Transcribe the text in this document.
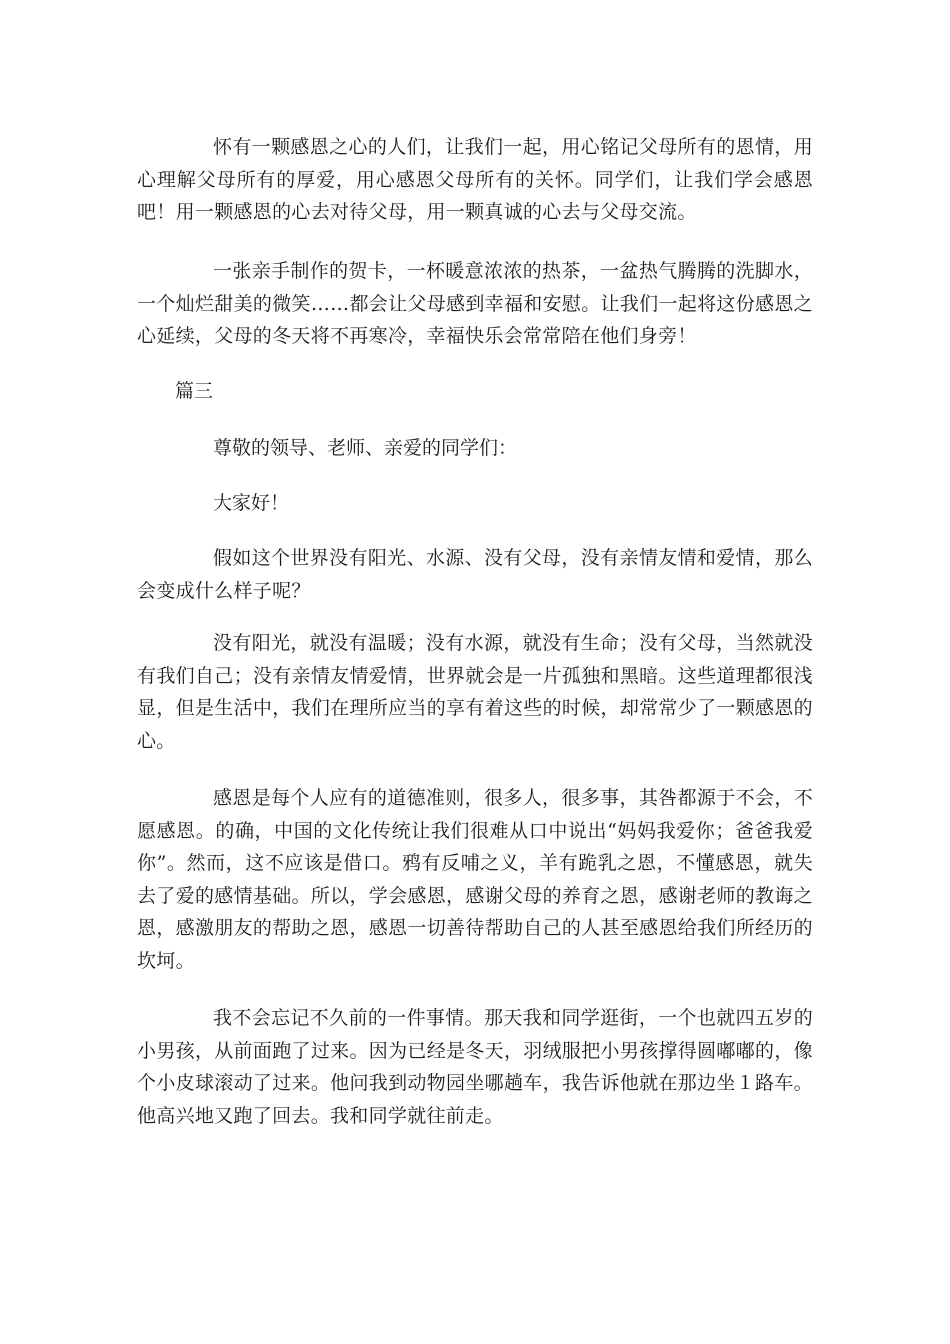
怀有一颗感恩之心的人们，让我们一起，用心铭记父母所有的恩情，用心理解父母所有的厚爱，用心感恩父母所有的关怀。同学们，让我们学会感恩吧！用一颗感恩的心去对待父母，用一颗真诚的心去与父母交流。

一张亲手制作的贺卡，一杯暖意浓浓的热茶，一盆热气腾腾的洗脚水，一个灿烂甜美的微笑……都会让父母感到幸福和安慰。让我们一起将这份感恩之心延续，父母的冬天将不再寒冷，幸福快乐会常常陪在他们身旁！

篇三

尊敬的领导、老师、亲爱的同学们：

大家好！

假如这个世界没有阳光、水源、没有父母，没有亲情友情和爱情，那么会变成什么样子呢？

没有阳光，就没有温暖；没有水源，就没有生命；没有父母，当然就没有我们自己；没有亲情友情爱情，世界就会是一片孤独和黑暗。这些道理都很浅显，但是生活中，我们在理所应当的享有着这些的时候，却常常少了一颗感恩的心。

感恩是每个人应有的道德准则，很多人，很多事，其咎都源于不会，不愿感恩。的确，中国的文化传统让我们很难从口中说出“妈妈我爱你；爸爸我爱你”。然而，这不应该是借口。鸦有反哺之义，羊有跪乳之恩，不懂感恩，就失去了爱的感情基础。所以，学会感恩，感谢父母的养育之恩，感谢老师的教诲之恩，感激朋友的帮助之恩，感恩一切善待帮助自己的人甚至感恩给我们所经历的坎坷。

我不会忘记不久前的一件事情。那天我和同学逛街，一个也就四五岁的小男孩，从前面跑了过来。因为已经是冬天，羽绒服把小男孩撑得圆嘟嘟的，像个小皮球滚动了过来。他问我到动物园坐哪趟车，我告诉他就在那边坐１路车。他高兴地又跑了回去。我和同学就往前走。
